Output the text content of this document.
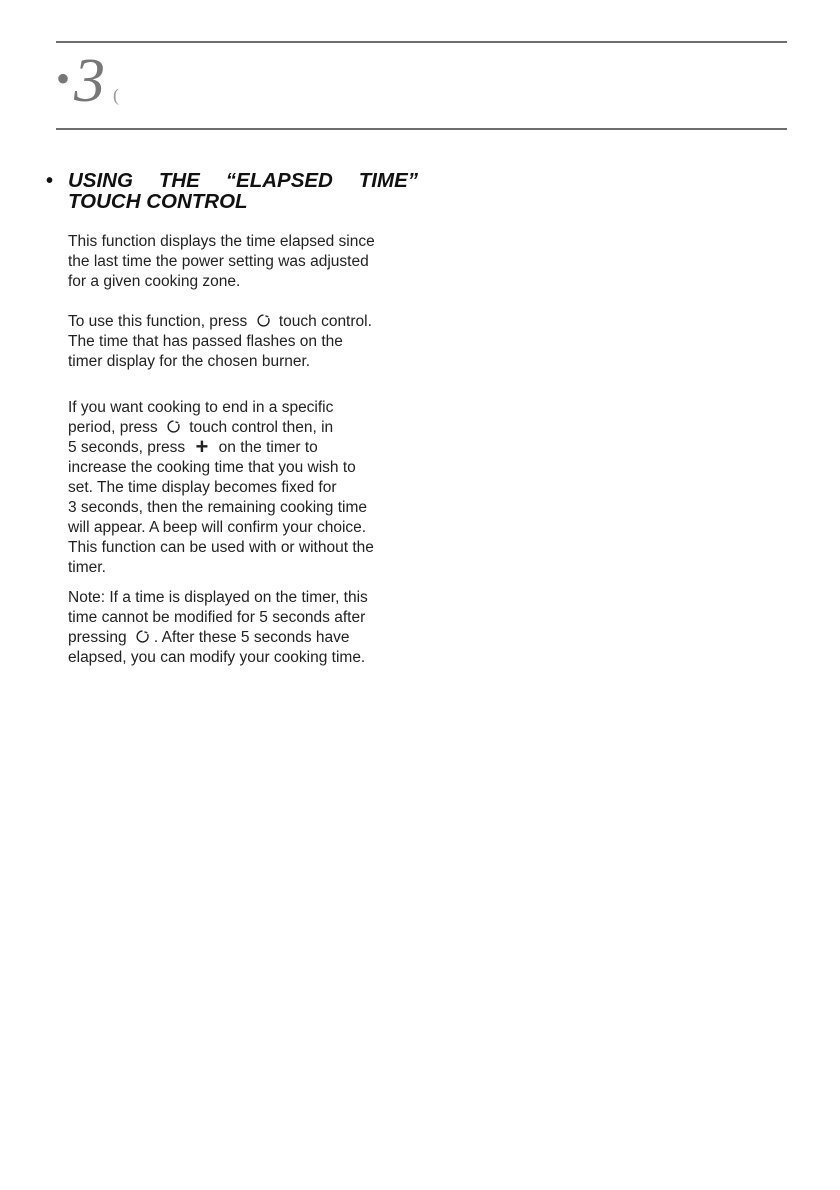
• 3 (
• USING THE “ELAPSED TIME”
TOUCH CONTROL

This function displays the time elapsed since
the last time the power setting was adjusted
for a given cooking zone.

To use this function, press touch control.
The time that has passed flashes on the
timer display for the chosen burner.

If you want cooking to end in a specific
period, press touch control then, in
5 seconds, press + on the timer to
increase the cooking time that you wish to
set. The time display becomes fixed for
3 seconds, then the remaining cooking time
will appear. A beep will confirm your choice.
This function can be used with or without the
timer.

Note: If a time is displayed on the timer, this
time cannot be modified for 5 seconds after
pressing . After these 5 seconds have
elapsed, you can modify your cooking time.
